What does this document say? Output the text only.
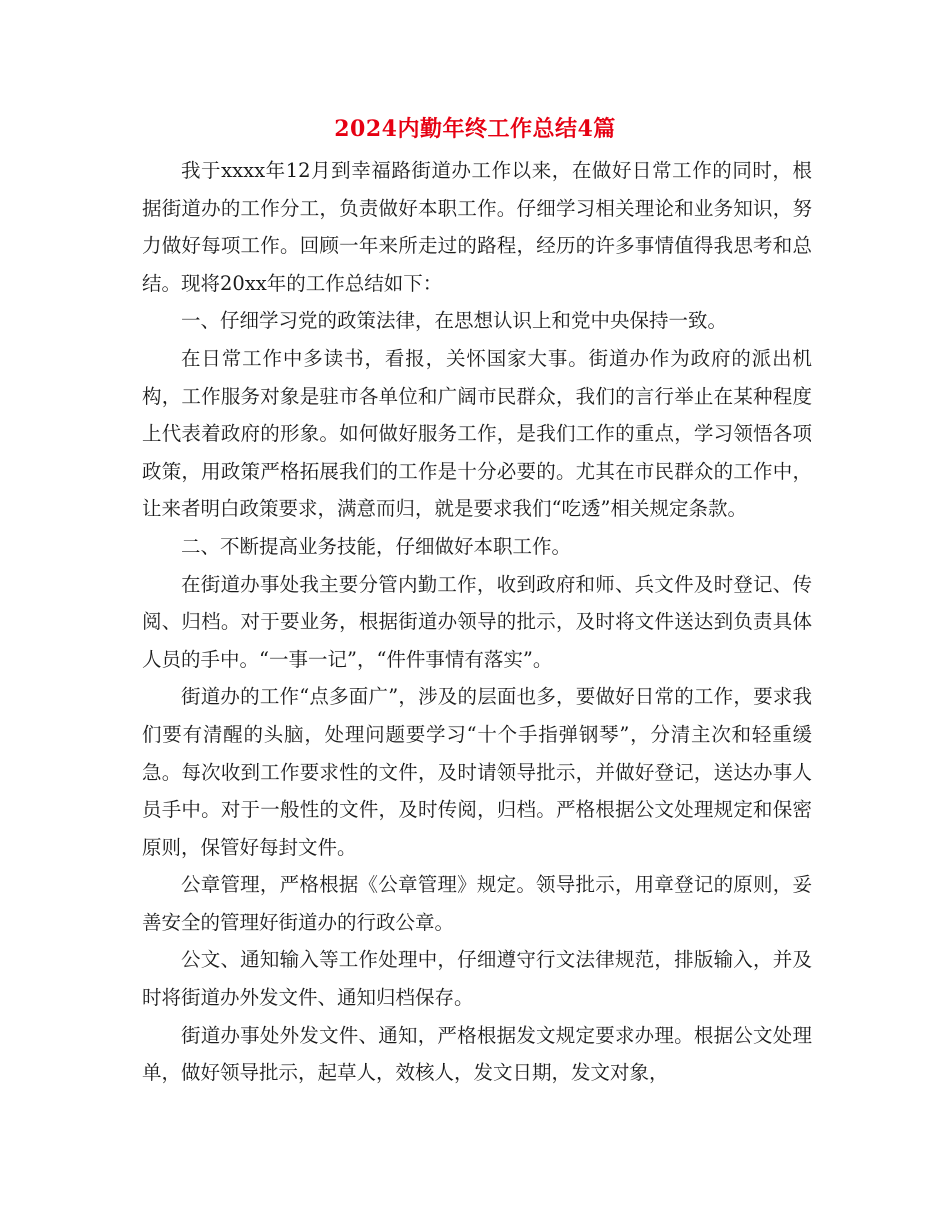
2024内勤年终工作总结4篇

我于xxxx年12月到幸福路街道办工作以来，在做好日常工作的同时，根据街道办的工作分工，负责做好本职工作。仔细学习相关理论和业务知识，努力做好每项工作。回顾一年来所走过的路程，经历的许多事情值得我思考和总结。现将20xx年的工作总结如下：

一、仔细学习党的政策法律，在思想认识上和党中央保持一致。

在日常工作中多读书，看报，关怀国家大事。街道办作为政府的派出机构，工作服务对象是驻市各单位和广阔市民群众，我们的言行举止在某种程度上代表着政府的形象。如何做好服务工作，是我们工作的重点，学习领悟各项政策，用政策严格拓展我们的工作是十分必要的。尤其在市民群众的工作中，让来者明白政策要求，满意而归，就是要求我们“吃透”相关规定条款。

二、不断提高业务技能，仔细做好本职工作。

在街道办事处我主要分管内勤工作，收到政府和师、兵文件及时登记、传阅、归档。对于要业务，根据街道办领导的批示，及时将文件送达到负责具体人员的手中。“一事一记”，“件件事情有落实”。

街道办的工作“点多面广”，涉及的层面也多，要做好日常的工作，要求我们要有清醒的头脑，处理问题要学习“十个手指弹钢琴”，分清主次和轻重缓急。每次收到工作要求性的文件，及时请领导批示，并做好登记，送达办事人员手中。对于一般性的文件，及时传阅，归档。严格根据公文处理规定和保密原则，保管好每封文件。

公章管理，严格根据《公章管理》规定。领导批示，用章登记的原则，妥善安全的管理好街道办的行政公章。

公文、通知输入等工作处理中，仔细遵守行文法律规范，排版输入，并及时将街道办外发文件、通知归档保存。

街道办事处外发文件、通知，严格根据发文规定要求办理。根据公文处理单，做好领导批示，起草人，效核人，发文日期，发文对象，
